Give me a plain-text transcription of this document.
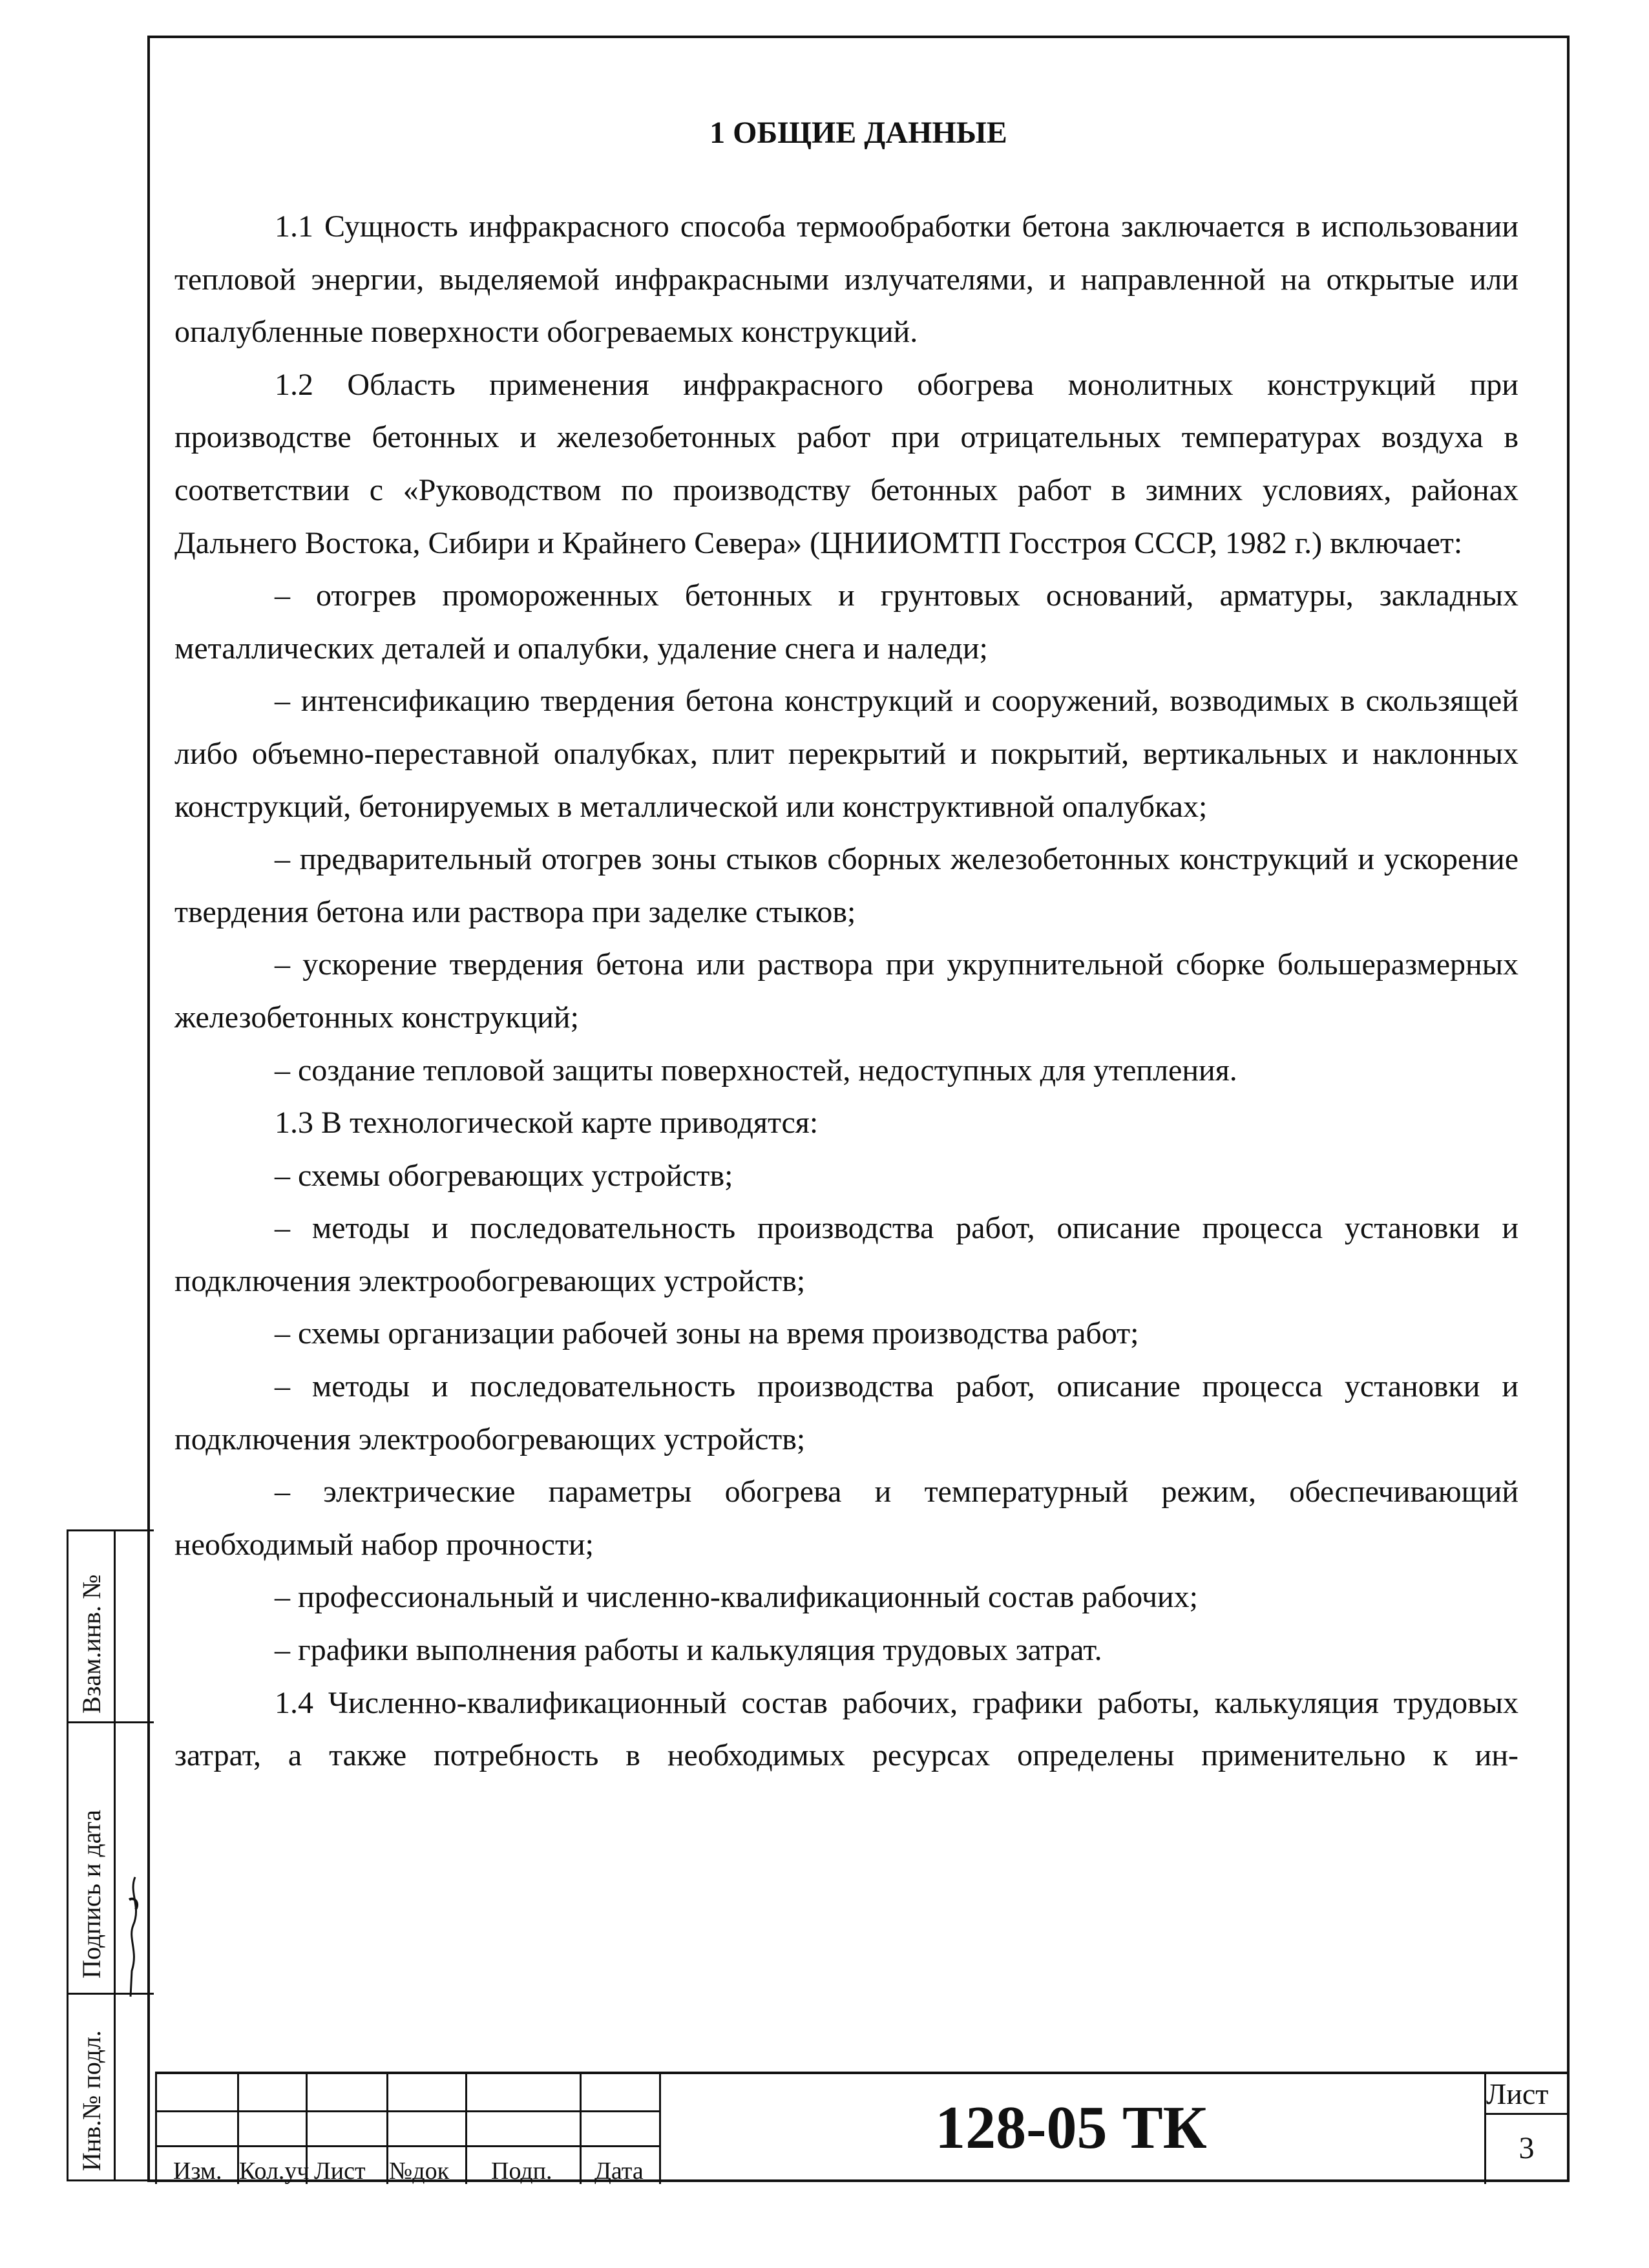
1 ОБЩИЕ ДАННЫЕ

1.1 Сущность инфракрасного способа термообработки бетона заключается в использовании тепловой энергии, выделяемой инфракрасными излучателями, и направленной на открытые или опалубленные поверхности обогреваемых конструкций.

1.2 Область применения инфракрасного обогрева монолитных конструкций при производстве бетонных и железобетонных работ при отрицательных температурах воздуха в соответствии с «Руководством по производству бетонных работ в зимних условиях, районах Дальнего Востока, Сибири и Крайнего Севера» (ЦНИИОМТП Госстроя СССР, 1982 г.) включает:

– отогрев промороженных бетонных и грунтовых оснований, арматуры, закладных металлических деталей и опалубки, удаление снега и наледи;

– интенсификацию твердения бетона конструкций и сооружений, возводимых в скользящей либо объемно-переставной опалубках, плит перекрытий и покрытий, вертикальных и наклонных конструкций, бетонируемых в металлической или конструктивной опалубках;

– предварительный отогрев зоны стыков сборных железобетонных конструкций и ускорение твердения бетона или раствора при заделке стыков;

– ускорение твердения бетона или раствора при укрупнительной сборке большеразмерных железобетонных конструкций;

– создание тепловой защиты поверхностей, недоступных для утепления.

1.3 В технологической карте приводятся:

– схемы обогревающих устройств;

– методы и последовательность производства работ, описание процесса установки и подключения электрообогревающих устройств;

– схемы организации рабочей зоны на время производства работ;

– методы и последовательность производства работ, описание процесса установки и подключения электрообогревающих устройств;

– электрические параметры обогрева и температурный режим, обеспечивающий необходимый набор прочности;

– профессиональный и численно-квалификационный состав рабочих;

– графики выполнения работы и калькуляция трудовых затрат.

1.4 Численно-квалификационный состав рабочих, графики работы, калькуляция трудовых затрат, а также потребность в необходимых ресурсах определены применительно к ин-

Взам.инв. №
Подпись и дата
Инв.№ подл.	Изм. Кол.уч Лист №док Подп. Дата
128-05 ТК
Лист
3
